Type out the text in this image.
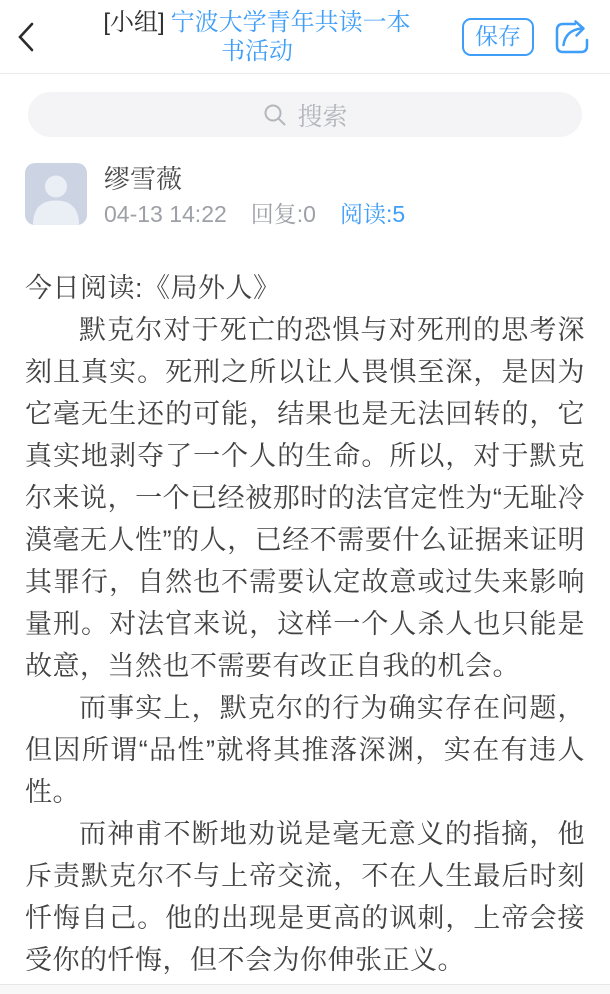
[小组] 宁波大学青年共读一本书活动
保存
搜索
缪雪薇
04-13 14:22 回复:0 阅读:5

今日阅读:《局外人》

默克尔对于死亡的恐惧与对死刑的思考深刻且真实。死刑之所以让人畏惧至深，是因为它毫无生还的可能，结果也是无法回转的，它真实地剥夺了一个人的生命。所以，对于默克尔来说，一个已经被那时的法官定性为“无耻冷漠毫无人性”的人，已经不需要什么证据来证明其罪行，自然也不需要认定故意或过失来影响量刑。对法官来说，这样一个人杀人也只能是故意，当然也不需要有改正自我的机会。

而事实上，默克尔的行为确实存在问题，但因所谓“品性”就将其推落深渊，实在有违人性。

而神甫不断地劝说是毫无意义的指摘，他斥责默克尔不与上帝交流，不在人生最后时刻忏悔自己。他的出现是更高的讽刺，上帝会接受你的忏悔，但不会为你伸张正义。
